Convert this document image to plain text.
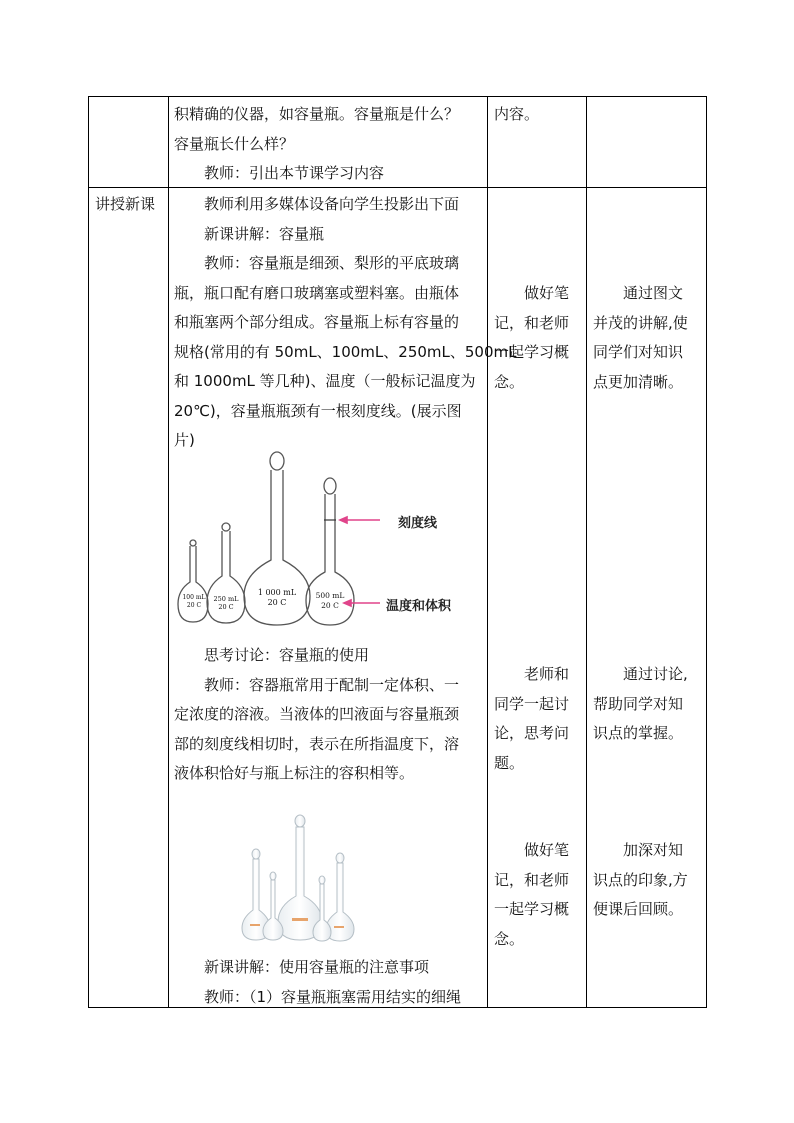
积精确的仪器，如容量瓶。容量瓶是什么？
容量瓶长什么样？
　　教师：引出本节课学习内容
内容。
讲授新课 　　教师利用多媒体设备向学生投影出下面
　　新课讲解：容量瓶
　　教师：容量瓶是细颈、梨形的平底玻璃
瓶，瓶口配有磨口玻璃塞或塑料塞。由瓶体
和瓶塞两个部分组成。容量瓶上标有容量的
规格(常用的有 50mL、100mL、250mL、500mL
和 1000mL 等几种)、温度（一般标记温度为
20℃)，容量瓶瓶颈有一根刻度线。(展示图
片)
100 mL
20 C
250 mL
20 C
1 000 mL
20 C
500 mL
20 C
刻度线
温度和体积
　　思考讨论：容量瓶的使用
　　教师：容器瓶常用于配制一定体积、一
定浓度的溶液。当液体的凹液面与容量瓶颈
部的刻度线相切时，表示在所指温度下，溶
液体积恰好与瓶上标注的容积相等。
　　新课讲解：使用容量瓶的注意事项
　　教师：（1）容量瓶瓶塞需用结实的细绳
　　做好笔
记，和老师
一起学习概
念。
　　老师和
同学一起讨
论，思考问
题。
　　做好笔
记，和老师
一起学习概
念。
　　通过图文
并茂的讲解,使
同学们对知识
点更加清晰。
　　通过讨论,
帮助同学对知
识点的掌握。
　　加深对知
识点的印象,方
便课后回顾。
